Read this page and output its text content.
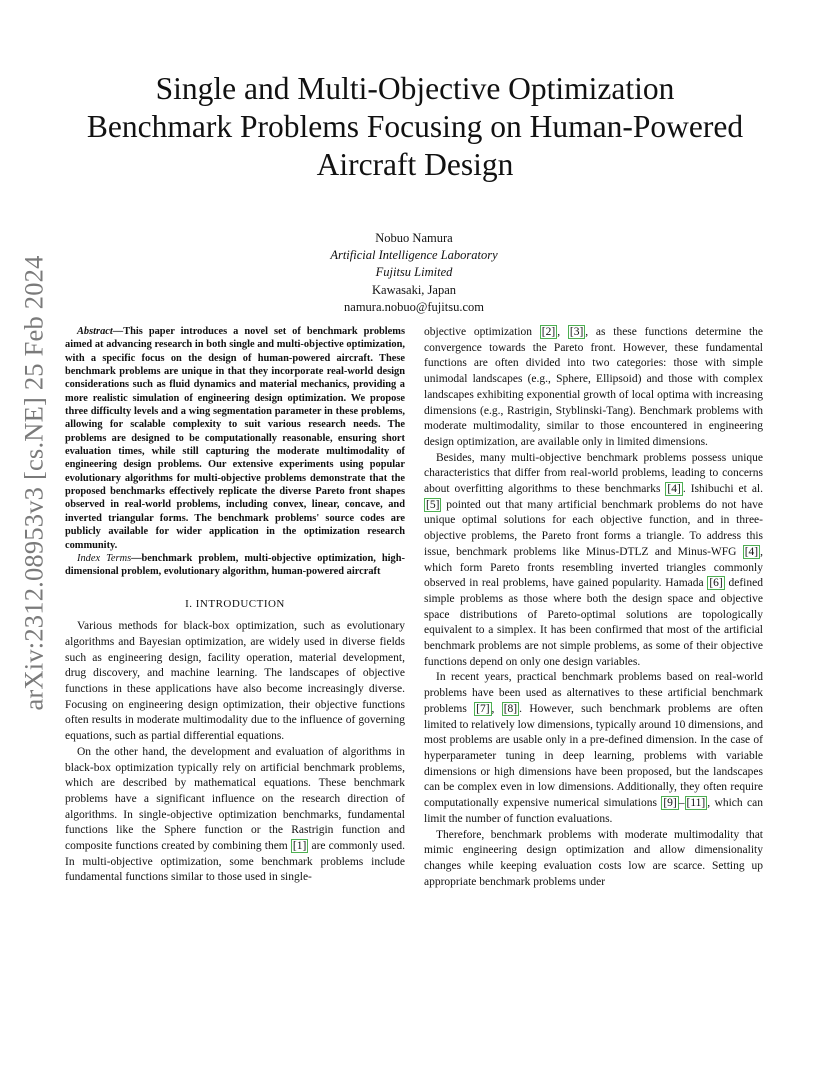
arXiv:2312.08953v3 [cs.NE] 25 Feb 2024
Single and Multi-Objective Optimization
Benchmark Problems Focusing on Human-Powered
Aircraft Design
Nobuo Namura
Artificial Intelligence Laboratory
Fujitsu Limited
Kawasaki, Japan
namura.nobuo@fujitsu.com

Abstract—This paper introduces a novel set of benchmark problems aimed at advancing research in both single and multi-objective optimization, with a specific focus on the design of human-powered aircraft. These benchmark problems are unique in that they incorporate real-world design considerations such as fluid dynamics and material mechanics, providing a more realistic simulation of engineering design optimization. We propose three difficulty levels and a wing segmentation parameter in these problems, allowing for scalable complexity to suit various research needs. The problems are designed to be computationally reasonable, ensuring short evaluation times, while still capturing the moderate multimodality of engineering design problems. Our extensive experiments using popular evolutionary algorithms for multi-objective problems demonstrate that the proposed benchmarks effectively replicate the diverse Pareto front shapes observed in real-world problems, including convex, linear, concave, and inverted triangular forms. The benchmark problems' source codes are publicly available for wider application in the optimization research community.

Index Terms—benchmark problem, multi-objective optimization, high-dimensional problem, evolutionary algorithm, human-powered aircraft

I. INTRODUCTION

Various methods for black-box optimization, such as evolutionary algorithms and Bayesian optimization, are widely used in diverse fields such as engineering design, facility operation, material development, drug discovery, and machine learning. The landscapes of objective functions in these applications have also become increasingly diverse. Focusing on engineering design optimization, their objective functions often results in moderate multimodality due to the influence of governing equations, such as partial differential equations.

On the other hand, the development and evaluation of algorithms in black-box optimization typically rely on artificial benchmark problems, which are described by mathematical equations. These benchmark problems have a significant influence on the research direction of algorithms. In single-objective optimization benchmarks, fundamental functions like the Sphere function or the Rastrigin function and composite functions created by combining them [1] are commonly used. In multi-objective optimization, some benchmark problems include fundamental functions similar to those used in single-

objective optimization [2] , [3] , as these functions determine the convergence towards the Pareto front. However, these fundamental functions are often divided into two categories: those with simple unimodal landscapes (e.g., Sphere, Ellipsoid) and those with complex landscapes exhibiting exponential growth of local optima with increasing dimensions (e.g., Rastrigin, Styblinski-Tang). Benchmark problems with moderate multimodality, similar to those encountered in engineering design optimization, are available only in limited dimensions.

Besides, many multi-objective benchmark problems possess unique characteristics that differ from real-world problems, leading to concerns about overfitting algorithms to these benchmarks [4] . Ishibuchi et al. [5] pointed out that many artificial benchmark problems do not have unique optimal solutions for each objective function, and in three-objective problems, the Pareto front forms a triangle. To address this issue, benchmark problems like Minus-DTLZ and Minus-WFG [4] , which form Pareto fronts resembling inverted triangles commonly observed in real problems, have gained popularity. Hamada [6] defined simple problems as those where both the design space and objective space distributions of Pareto-optimal solutions are topologically equivalent to a simplex. It has been confirmed that most of the artificial benchmark problems are not simple problems, as some of their objective functions depend on only one design variables.

In recent years, practical benchmark problems based on real-world problems have been used as alternatives to these artificial benchmark problems [7] , [8] . However, such benchmark problems are often limited to relatively low dimensions, typically around 10 dimensions, and most problems are usable only in a pre-defined dimension. In the case of hyperparameter tuning in deep learning, problems with variable dimensions or high dimensions have been proposed, but the landscapes can be complex even in low dimensions. Additionally, they often require computationally expensive numerical simulations [9] – [11] , which can limit the number of function evaluations.

Therefore, benchmark problems with moderate multimodality that mimic engineering design optimization and allow dimensionality changes while keeping evaluation costs low are scarce. Setting up appropriate benchmark problems under
